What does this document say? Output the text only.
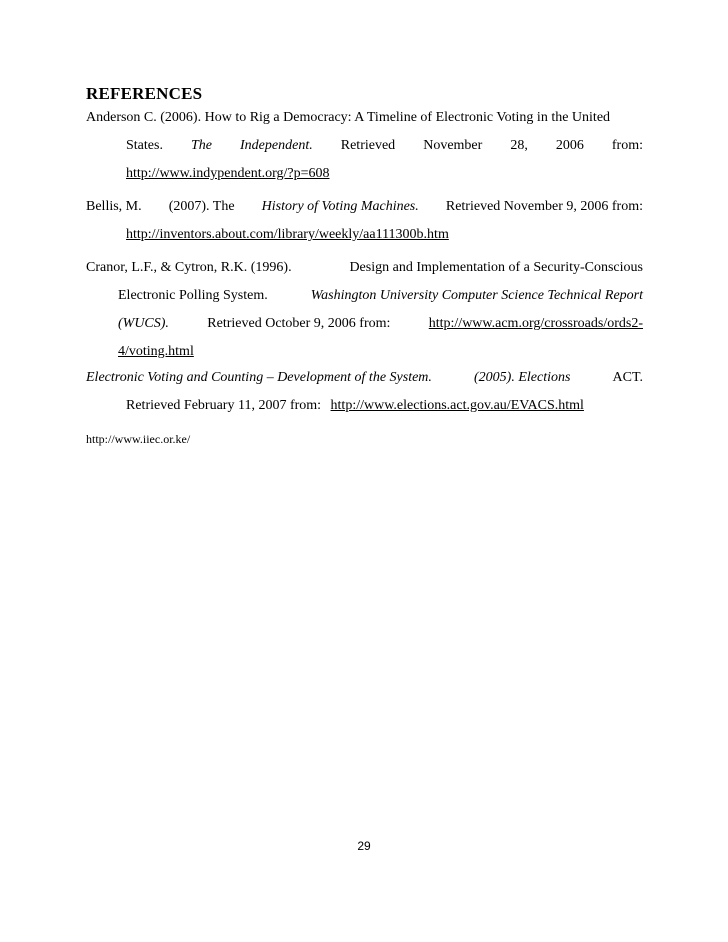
REFERENCES
Anderson C. (2006). How to Rig a Democracy: A Timeline of Electronic Voting in the United
States. The Independent. Retrieved November 28, 2006 from:
http://www.indypendent.org/?p=608
Bellis, M. (2007). The History of Voting Machines. Retrieved November 9, 2006 from:
http://inventors.about.com/library/weekly/aa111300b.htm
Cranor, L.F., & Cytron, R.K. (1996).	Design and Implementation of a Security-Conscious
Electronic Polling System.	Washington University Computer Science Technical Report
(WUCS).	Retrieved October 9, 2006 from:	http://www.acm.org/crossroads/ords2-
4/voting.html
Electronic Voting and Counting – Development of the System.	(2005). Elections	ACT.
Retrieved February 11, 2007 from: http://www.elections.act.gov.au/EVACS.html
http://www.iiec.or.ke/
29
